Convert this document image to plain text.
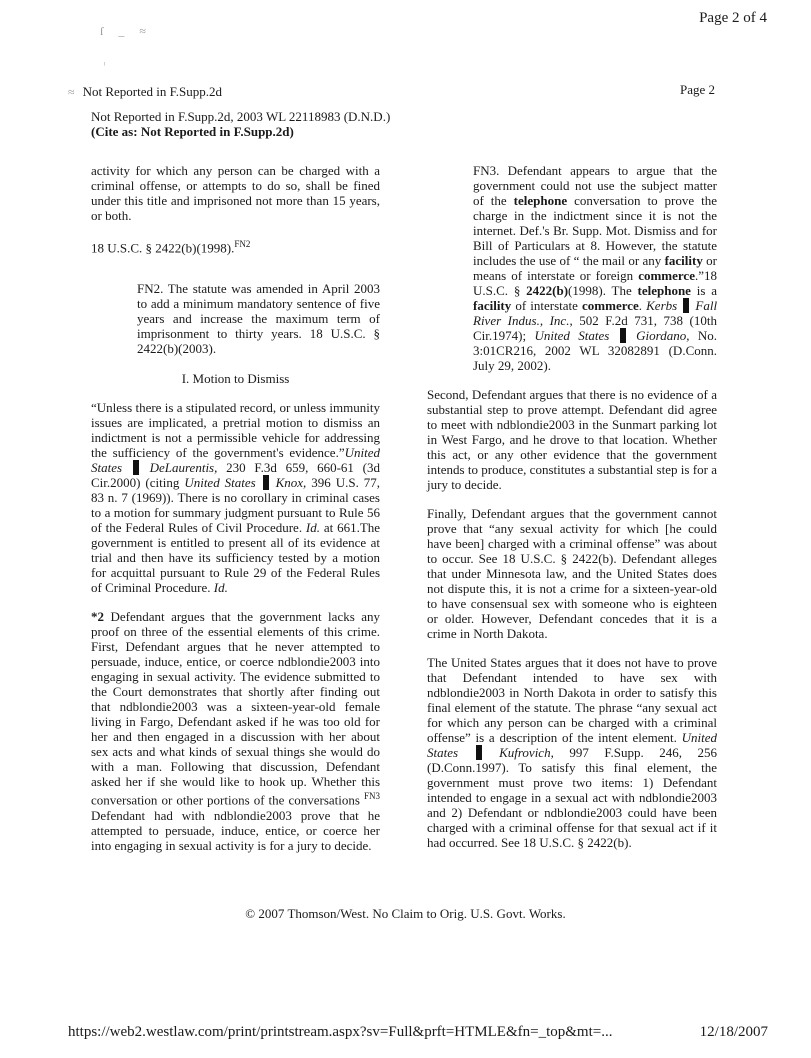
Page 2 of 4
ſ _ ≈
ˡ
≈ Not Reported in F.Supp.2d	Page 2
Not Reported in F.Supp.2d, 2003 WL 22118983 (D.N.D.)
(Cite as: Not Reported in F.Supp.2d)

activity for which any person can be charged with a criminal offense, or attempts to do so, shall be fined under this title and imprisoned not more than 15 years, or both.

18 U.S.C. § 2422(b)(1998).$^{FN2}$

FN2. The statute was amended in April 2003 to add a minimum mandatory sentence of five years and increase the maximum term of imprisonment to thirty years. 18 U.S.C. § 2422(b)(2003).

I. Motion to Dismiss

“Unless there is a stipulated record, or unless immunity issues are implicated, a pretrial motion to dismiss an indictment is not a permissible vehicle for addressing the sufficiency of the government's evidence.”United States DeLaurentis, 230 F.3d 659, 660-61 (3d Cir.2000) (citing United States Knox, 396 U.S. 77, 83 n. 7 (1969)). There is no corollary in criminal cases to a motion for summary judgment pursuant to Rule 56 of the Federal Rules of Civil Procedure. Id. at 661.The government is entitled to present all of its evidence at trial and then have its sufficiency tested by a motion for acquittal pursuant to Rule 29 of the Federal Rules of Criminal Procedure. Id.

*2 Defendant argues that the government lacks any proof on three of the essential elements of this crime. First, Defendant argues that he never attempted to persuade, induce, entice, or coerce ndblondie2003 into engaging in sexual activity. The evidence submitted to the Court demonstrates that shortly after finding out that ndblondie2003 was a sixteen-year-old female living in Fargo, Defendant asked if he was too old for her and then engaged in a discussion with her about sex acts and what kinds of sexual things she would do with a man. Following that discussion, Defendant asked her if she would like to hook up. Whether this conversation or other portions of the conversations $^{FN3}$ Defendant had with ndblondie2003 prove that he attempted to persuade, induce, entice, or coerce her into engaging in sexual activity is for a jury to decide.

FN3. Defendant appears to argue that the government could not use the subject matter of the telephone conversation to prove the charge in the indictment since it is not the internet. Def.'s Br. Supp. Mot. Dismiss and for Bill of Particulars at 8. However, the statute includes the use of “ the mail or any facility or means of interstate or foreign commerce.”18 U.S.C. § 2422(b)(1998). The telephone is a facility of interstate commerce. Kerbs Fall River Indus., Inc., 502 F.2d 731, 738 (10th Cir.1974); United States Giordano, No. 3:01CR216, 2002 WL 32082891 (D.Conn. July 29, 2002).

Second, Defendant argues that there is no evidence of a substantial step to prove attempt. Defendant did agree to meet with ndblondie2003 in the Sunmart parking lot in West Fargo, and he drove to that location. Whether this act, or any other evidence that the government intends to produce, constitutes a substantial step is for a jury to decide.

Finally, Defendant argues that the government cannot prove that “any sexual activity for which [he could have been] charged with a criminal offense” was about to occur. See 18 U.S.C. § 2422(b). Defendant alleges that under Minnesota law, and the United States does not dispute this, it is not a crime for a sixteen-year-old to have consensual sex with someone who is eighteen or older. However, Defendant concedes that it is a crime in North Dakota.

The United States argues that it does not have to prove that Defendant intended to have sex with ndblondie2003 in North Dakota in order to satisfy this final element of the statute. The phrase “any sexual act for which any person can be charged with a criminal offense” is a description of the intent element. United States	Kufrovich, 997 F.Supp. 246, 256 (D.Conn.1997). To satisfy this final element, the government must prove two items: 1) Defendant intended to engage in a sexual act with ndblondie2003 and 2) Defendant or ndblondie2003 could have been charged with a criminal offense for that sexual act if it had occurred. See 18 U.S.C. § 2422(b).

© 2007 Thomson/West. No Claim to Orig. U.S. Govt. Works.
https://web2.westlaw.com/print/printstream.aspx?sv=Full&prft=HTMLE&fn=_top&mt=...	12/18/2007
